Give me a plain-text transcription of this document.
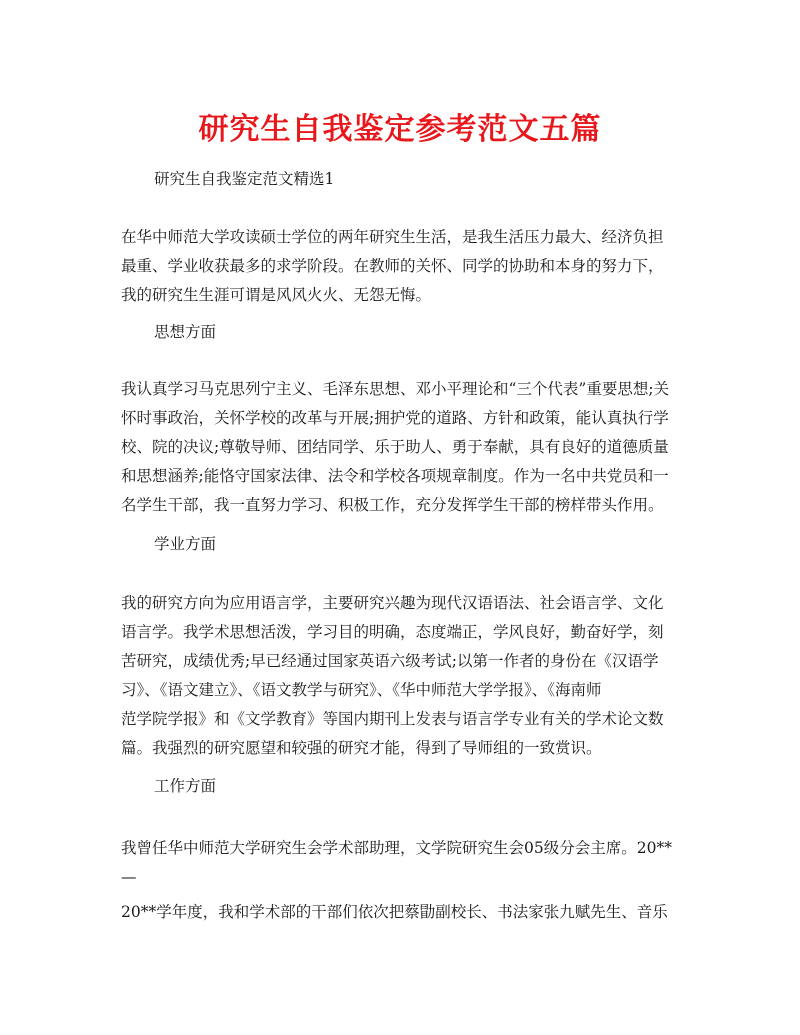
研究生自我鉴定参考范文五篇

研究生自我鉴定范文精选1

在华中师范大学攻读硕士学位的两年研究生生活，是我生活压力最大、经济负担
最重、学业收获最多的求学阶段。在教师的关怀、同学的协助和本身的努力下，
我的研究生生涯可谓是风风火火、无怨无悔。

思想方面

我认真学习马克思列宁主义、毛泽东思想、邓小平理论和“三个代表”重要思想;关
怀时事政治，关怀学校的改革与开展;拥护党的道路、方针和政策，能认真执行学
校、院的决议;尊敬导师、团结同学、乐于助人、勇于奉献，具有良好的道德质量
和思想涵养;能恪守国家法律、法令和学校各项规章制度。作为一名中共党员和一
名学生干部，我一直努力学习、积极工作，充分发挥学生干部的榜样带头作用。

学业方面

我的研究方向为应用语言学，主要研究兴趣为现代汉语语法、社会语言学、文化
语言学。我学术思想活泼，学习目的明确，态度端正，学风良好，勤奋好学，刻
苦研究，成绩优秀;早已经通过国家英语六级考试;以第一作者的身份在《汉语学
习》、《语文建立》、《语文教学与研究》、《华中师范大学学报》、《海南师
范学院学报》和《文学教育》等国内期刊上发表与语言学专业有关的学术论文数
篇。我强烈的研究愿望和较强的研究才能，得到了导师组的一致赏识。

工作方面

我曾任华中师范大学研究生会学术部助理，文学院研究生会05级分会主席。20**
—
20**学年度，我和学术部的干部们依次把蔡勖副校长、书法家张九赋先生、音乐
